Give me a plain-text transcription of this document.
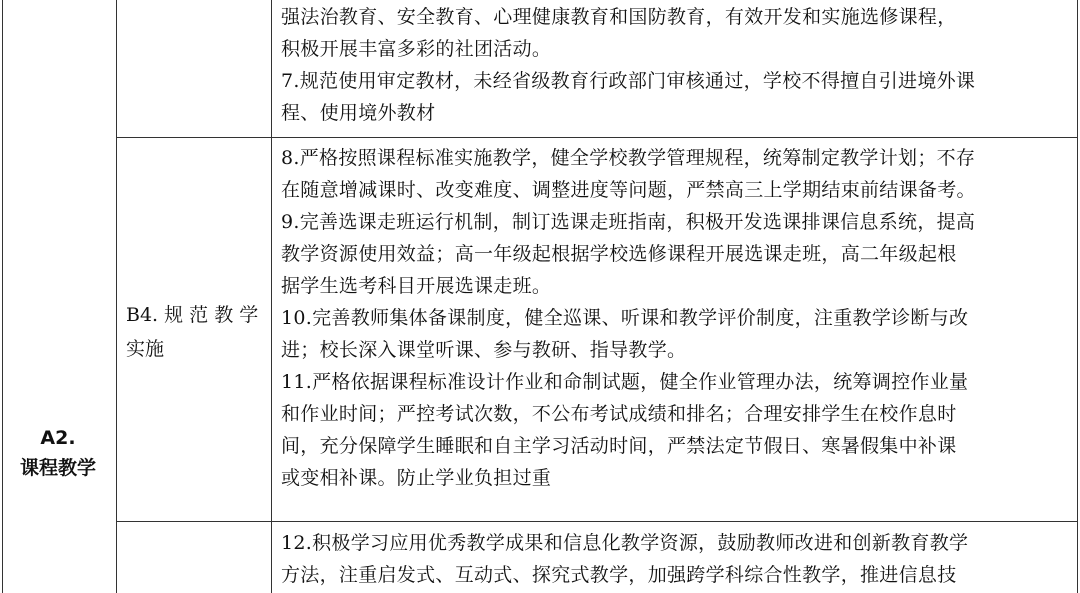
A2.
课程教学
强法治教育、安全教育、心理健康教育和国防教育，有效开发和实施选修课程，
积极开展丰富多彩的社团活动。
7.规范使用审定教材，未经省级教育行政部门审核通过，学校不得擅自引进境外课
程、使用境外教材
B4. 规 范 教 学
实施
8.严格按照课程标准实施教学，健全学校教学管理规程，统筹制定教学计划；不存
在随意增减课时、改变难度、调整进度等问题，严禁高三上学期结束前结课备考。
9.完善选课走班运行机制，制订选课走班指南，积极开发选课排课信息系统，提高
教学资源使用效益；高一年级起根据学校选修课程开展选课走班，高二年级起根
据学生选考科目开展选课走班。
10.完善教师集体备课制度，健全巡课、听课和教学评价制度，注重教学诊断与改
进；校长深入课堂听课、参与教研、指导教学。
11.严格依据课程标准设计作业和命制试题，健全作业管理办法，统筹调控作业量
和作业时间；严控考试次数，不公布考试成绩和排名；合理安排学生在校作息时
间，充分保障学生睡眠和自主学习活动时间，严禁法定节假日、寒暑假集中补课
或变相补课。防止学业负担过重
12.积极学习应用优秀教学成果和信息化教学资源，鼓励教师改进和创新教育教学
方法，注重启发式、互动式、探究式教学，加强跨学科综合性教学，推进信息技
